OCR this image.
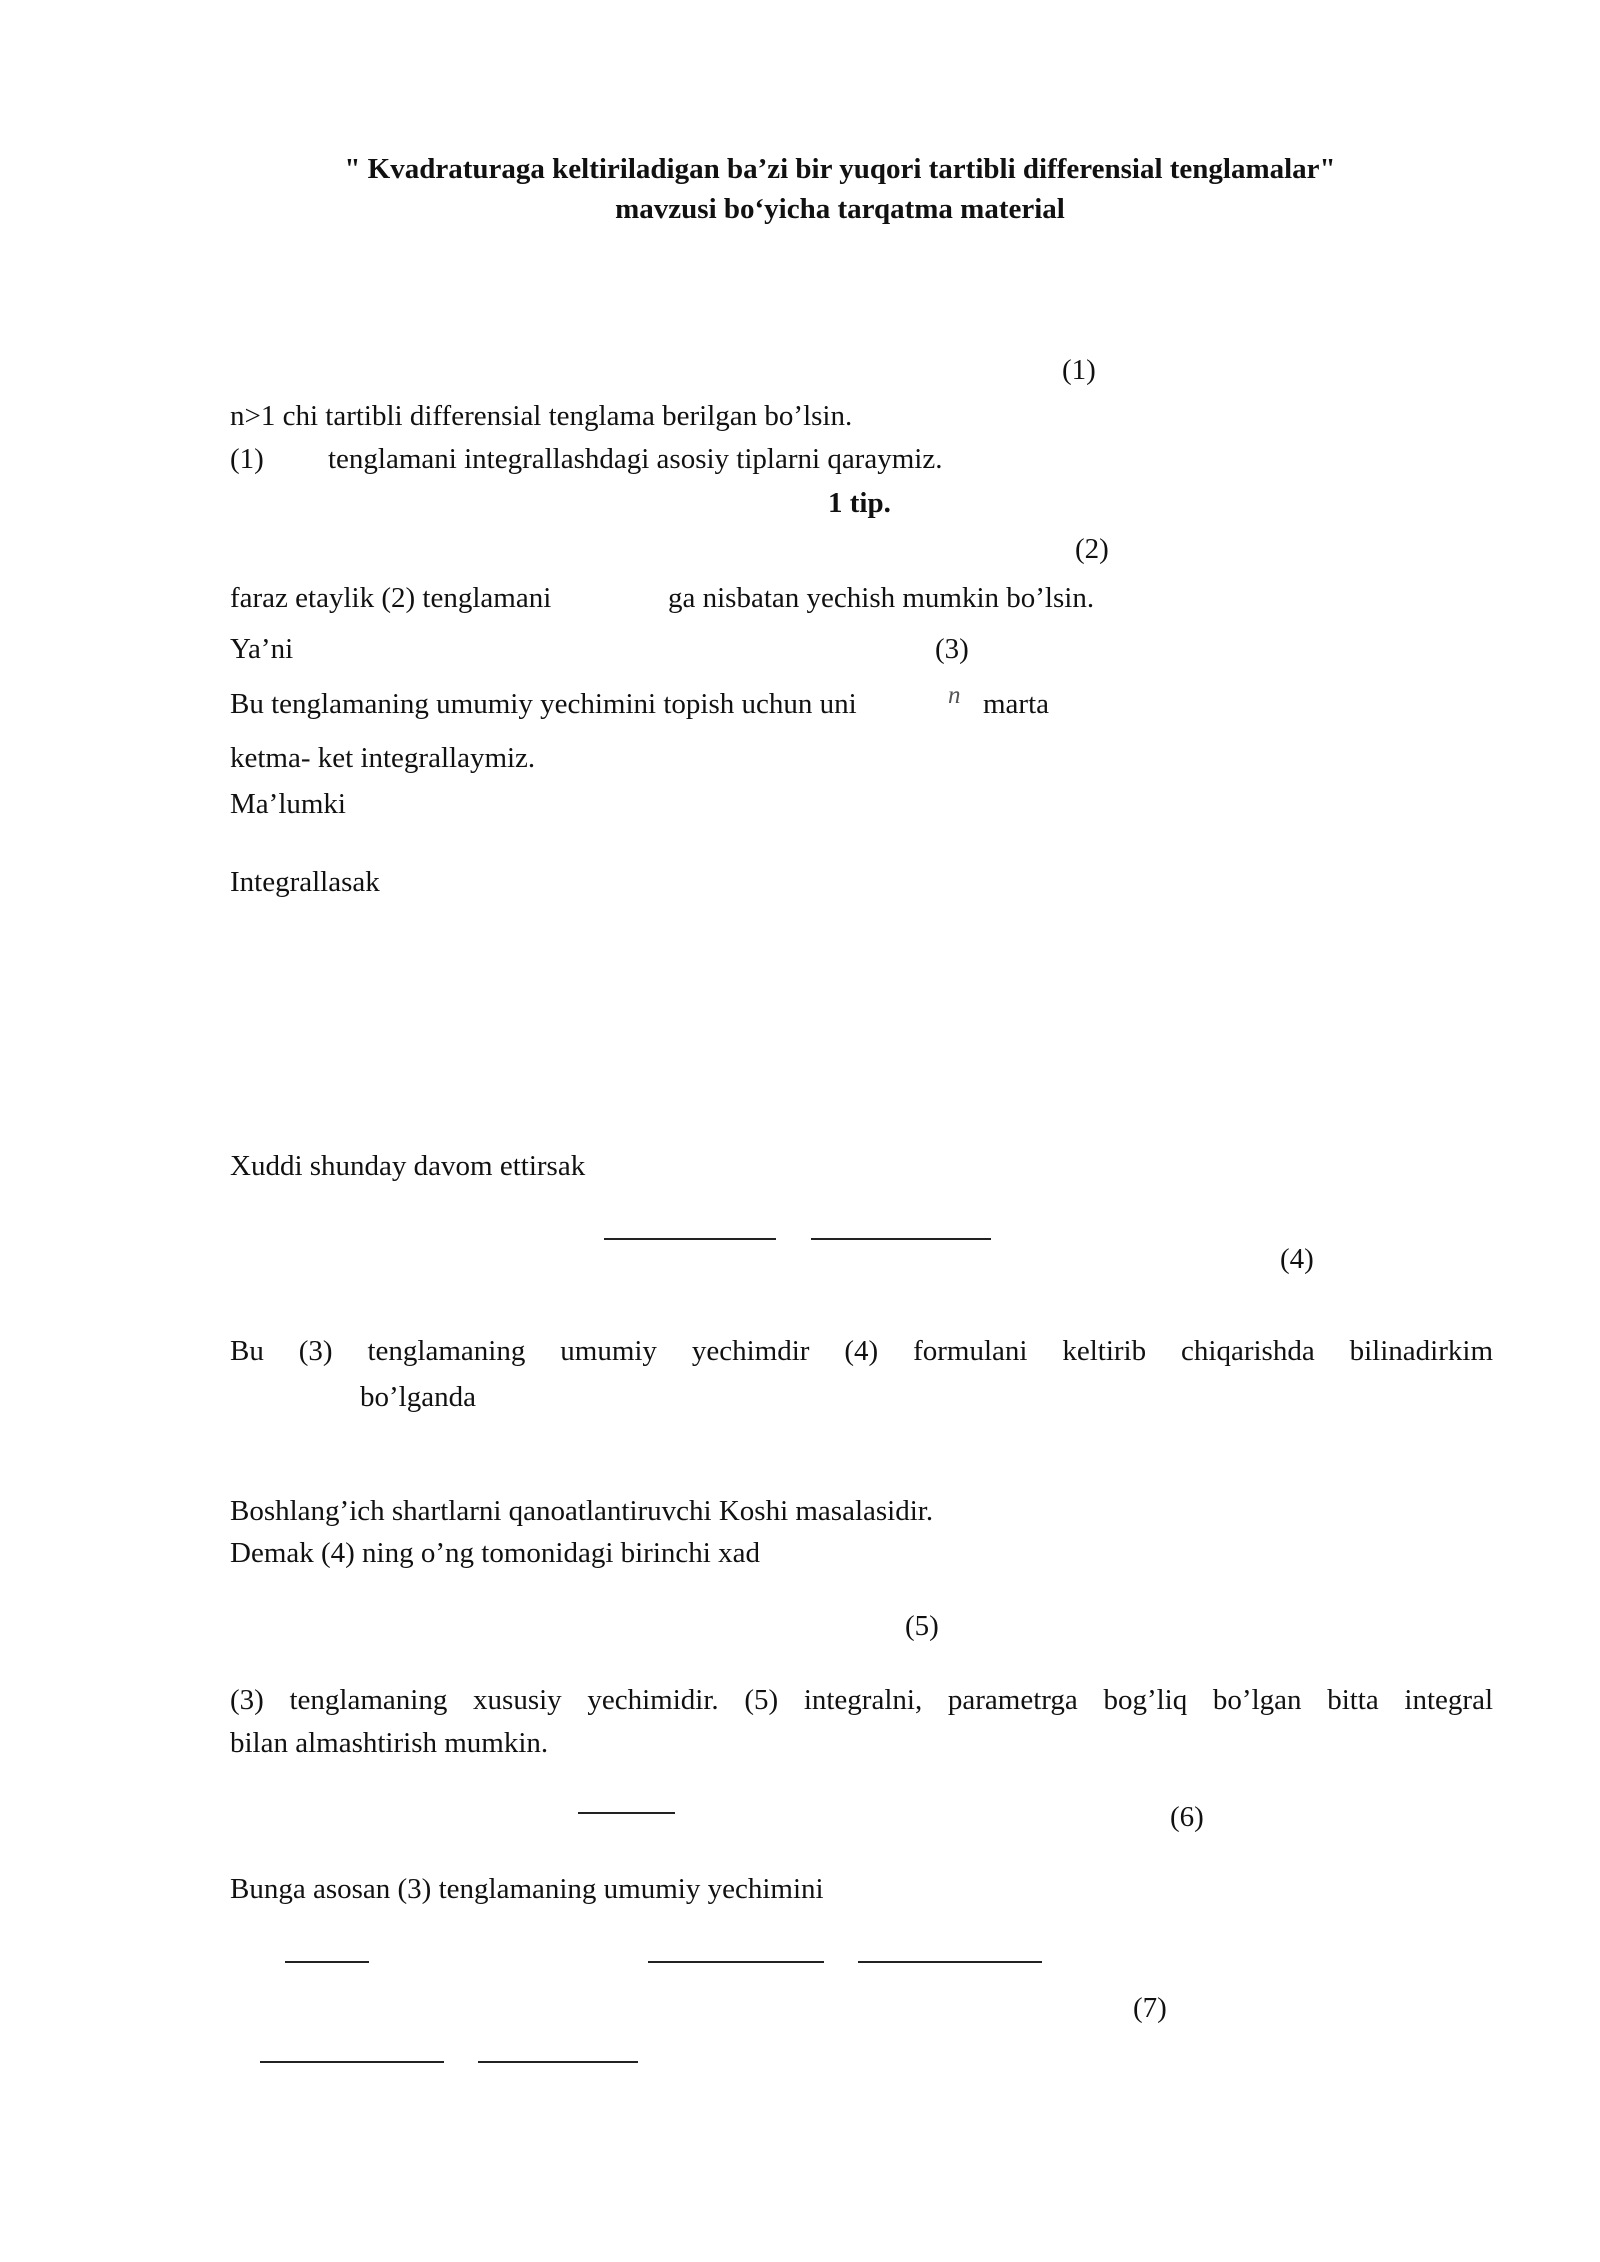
" Kvadraturaga keltiriladigan ba’zi bir yuqori tartibli differensial tenglamalar"
mavzusi bo‘yicha tarqatma material
(1)
n>1 chi tartibli differensial tenglama berilgan bo’lsin.
(1) tenglamani integrallashdagi asosiy tiplarni qaraymiz.
1 tip.
(2)
faraz etaylik (2) tenglamani	ga nisbatan yechish mumkin bo’lsin.
Ya’ni	(3)
Bu tenglamaning umumiy yechimini topish uchun uni	n marta
ketma- ket integrallaymiz.
Ma’lumki
Integrallasak
Xuddi shunday davom ettirsak
(4)
Bu (3) tenglamaning umumiy yechimdir (4) formulani keltirib chiqarishda bilinadirkim
bo’lganda
Boshlang’ich shartlarni qanoatlantiruvchi Koshi masalasidir.
Demak (4) ning o’ng tomonidagi birinchi xad
(5)
(3) tenglamaning xususiy yechimidir. (5) integralni, parametrga bog’liq bo’lgan bitta integral
bilan almashtirish mumkin.
(6)
Bunga asosan (3) tenglamaning umumiy yechimini
(7)
